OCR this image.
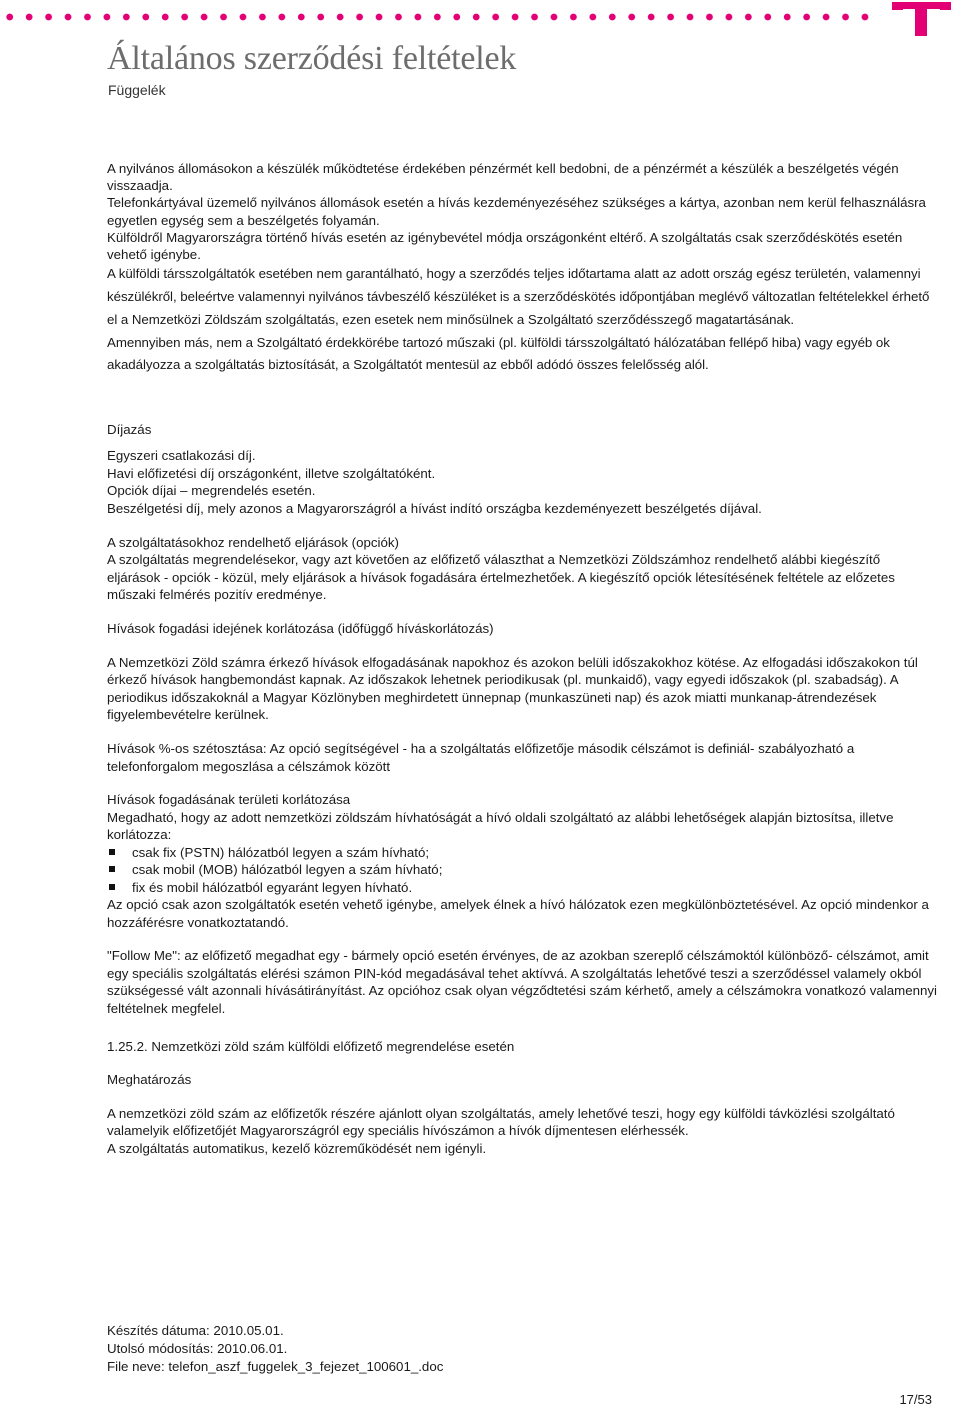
Általános szerződési feltételek
Függelék

A nyilvános állomásokon a készülék működtetése érdekében pénzérmét kell bedobni, de a pénzérmét a készülék a beszélgetés végén visszaadja.

Telefonkártyával üzemelő nyilvános állomások esetén a hívás kezdeményezéséhez szükséges a kártya, azonban nem kerül felhasználásra egyetlen egység sem a beszélgetés folyamán.

Külföldről Magyarországra történő hívás esetén az igénybevétel módja országonként eltérő. A szolgáltatás csak szerződéskötés esetén vehető igénybe.

A külföldi társszolgáltatók esetében nem garantálható, hogy a szerződés teljes időtartama alatt az adott ország egész területén, valamennyi készülékről, beleértve valamennyi nyilvános távbeszélő készüléket is a szerződéskötés időpontjában meglévő változatlan feltételekkel érhető el a Nemzetközi Zöldszám szolgáltatás, ezen esetek nem minősülnek a Szolgáltató szerződésszegő magatartásának.

Amennyiben más, nem a Szolgáltató érdekkörébe tartozó műszaki (pl. külföldi társszolgáltató hálózatában fellépő hiba) vagy egyéb ok akadályozza a szolgáltatás biztosítását, a Szolgáltatót mentesül az ebből adódó összes felelősség alól.

Díjazás

Egyszeri csatlakozási díj.

Havi előfizetési díj országonként, illetve szolgáltatóként.

Opciók díjai – megrendelés esetén.

Beszélgetési díj, mely azonos a Magyarországról a hívást indító országba kezdeményezett beszélgetés díjával.

A szolgáltatásokhoz rendelhető eljárások (opciók)

A szolgáltatás megrendelésekor, vagy azt követően az előfizető választhat a Nemzetközi Zöldszámhoz rendelhető alábbi kiegészítő eljárások - opciók - közül, mely eljárások a hívások fogadására értelmezhetőek. A kiegészítő opciók létesítésének feltétele az előzetes műszaki felmérés pozitív eredménye.

Hívások fogadási idejének korlátozása (időfüggő híváskorlátozás)

A Nemzetközi Zöld számra érkező hívások elfogadásának napokhoz és azokon belüli időszakokhoz kötése. Az elfogadási időszakokon túl érkező hívások hangbemondást kapnak. Az időszakok lehetnek periodikusak (pl. munkaidő), vagy egyedi időszakok (pl. szabadság). A periodikus időszakoknál a Magyar Közlönyben meghirdetett ünnepnap (munkaszüneti nap) és azok miatti munkanap-átrendezések figyelembevételre kerülnek.

Hívások %-os szétosztása: Az opció segítségével - ha a szolgáltatás előfizetője második célszámot is definiál- szabályozható a telefonforgalom megoszlása a célszámok között

Hívások fogadásának területi korlátozása

Megadható, hogy az adott nemzetközi zöldszám hívhatóságát a hívó oldali szolgáltató az alábbi lehetőségek alapján biztosítsa, illetve korlátozza:

csak fix (PSTN) hálózatból legyen a szám hívható;
csak mobil (MOB) hálózatból legyen a szám hívható;
fix és mobil hálózatból egyaránt legyen hívható.

Az opció csak azon szolgáltatók esetén vehető igénybe, amelyek élnek a hívó hálózatok ezen megkülönböztetésével. Az opció mindenkor a hozzáférésre vonatkoztatandó.

"Follow Me": az előfizető megadhat egy - bármely opció esetén érvényes, de az azokban szereplő célszámoktól különböző- célszámot, amit egy speciális szolgáltatás elérési számon PIN-kód megadásával tehet aktívvá. A szolgáltatás lehetővé teszi a szerződéssel valamely okból szükségessé vált azonnali hívásátirányítást. Az opcióhoz csak olyan végződtetési szám kérhető, amely a célszámokra vonatkozó valamennyi feltételnek megfelel.

1.25.2. Nemzetközi zöld szám külföldi előfizető megrendelése esetén

Meghatározás

A nemzetközi zöld szám az előfizetők részére ajánlott olyan szolgáltatás, amely lehetővé teszi, hogy egy külföldi távközlési szolgáltató valamelyik előfizetőjét Magyarországról egy speciális hívószámon a hívók díjmentesen elérhessék.

A szolgáltatás automatikus, kezelő közreműködését nem igényli.

Készítés dátuma: 2010.05.01.
Utolsó módosítás: 2010.06.01.
File neve: telefon_aszf_fuggelek_3_fejezet_100601_.doc
17/53
